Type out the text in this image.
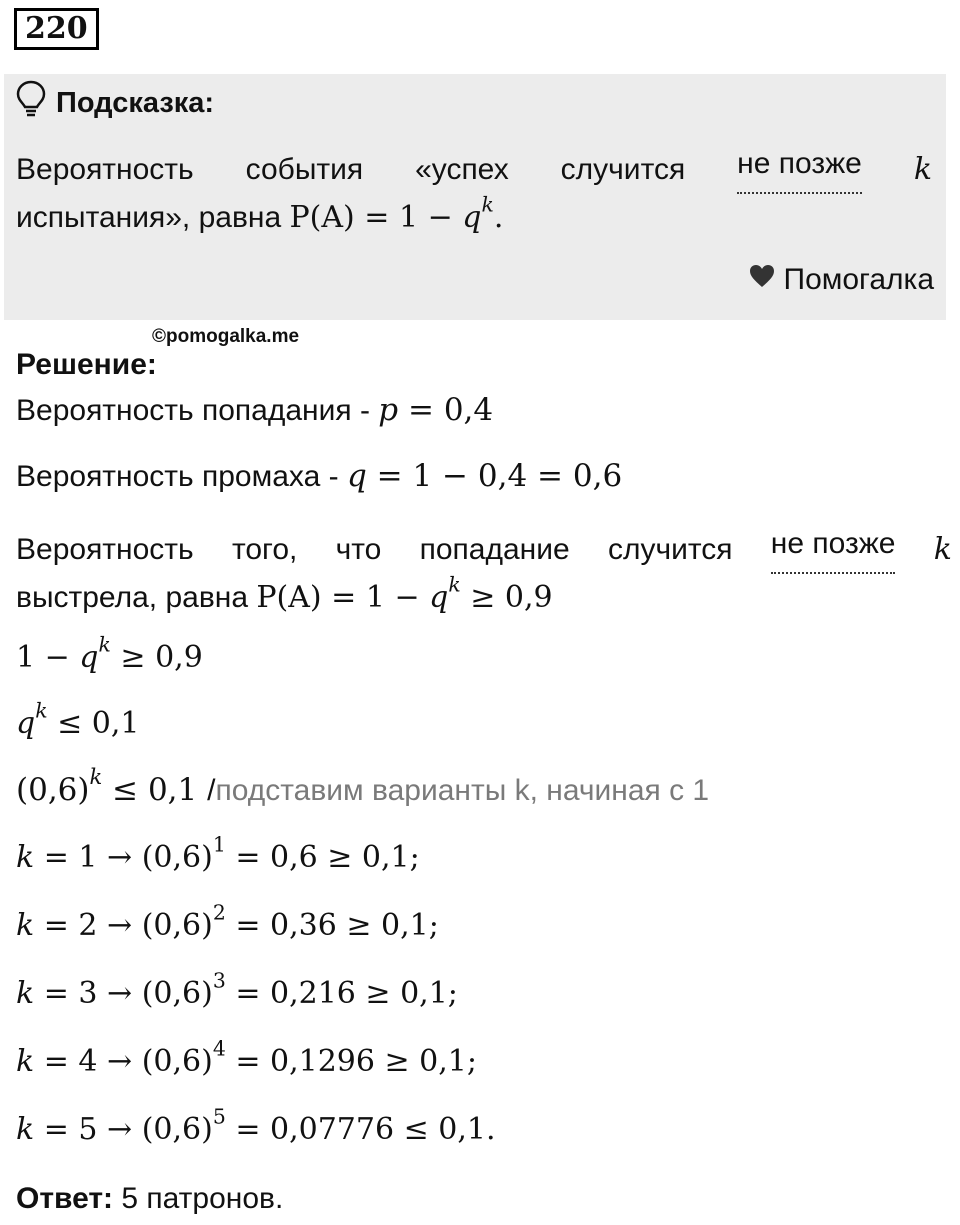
220
Подсказка:
Вероятность события «успех случится не позже k
испытания», равна $P(A) = 1 - q^k$.
Помогалка
©pomogalka.me
Решение:
Вероятность попадания - p = 0,4
Вероятность промаха - q = 1 − 0,4 = 0,6
Вероятность того, что попадание случится не позже k
выстрела, равна $P(A) = 1 - q^k \ge 0,9$
$1 - q^k \ge 0,9$
$q^k \le 0,1$
$(0,6)^k \le 0,1$ /подставим варианты k, начиная с 1
$k = 1 \to (0,6)^1 = 0,6 \ge 0,1$;
$k = 2 \to (0,6)^2 = 0,36 \ge 0,1$;
$k = 3 \to (0,6)^3 = 0,216 \ge 0,1$;
$k = 4 \to (0,6)^4 = 0,1296 \ge 0,1$;
$k = 5 \to (0,6)^5 = 0,07776 \le 0,1$.
Ответ: 5 патронов.
